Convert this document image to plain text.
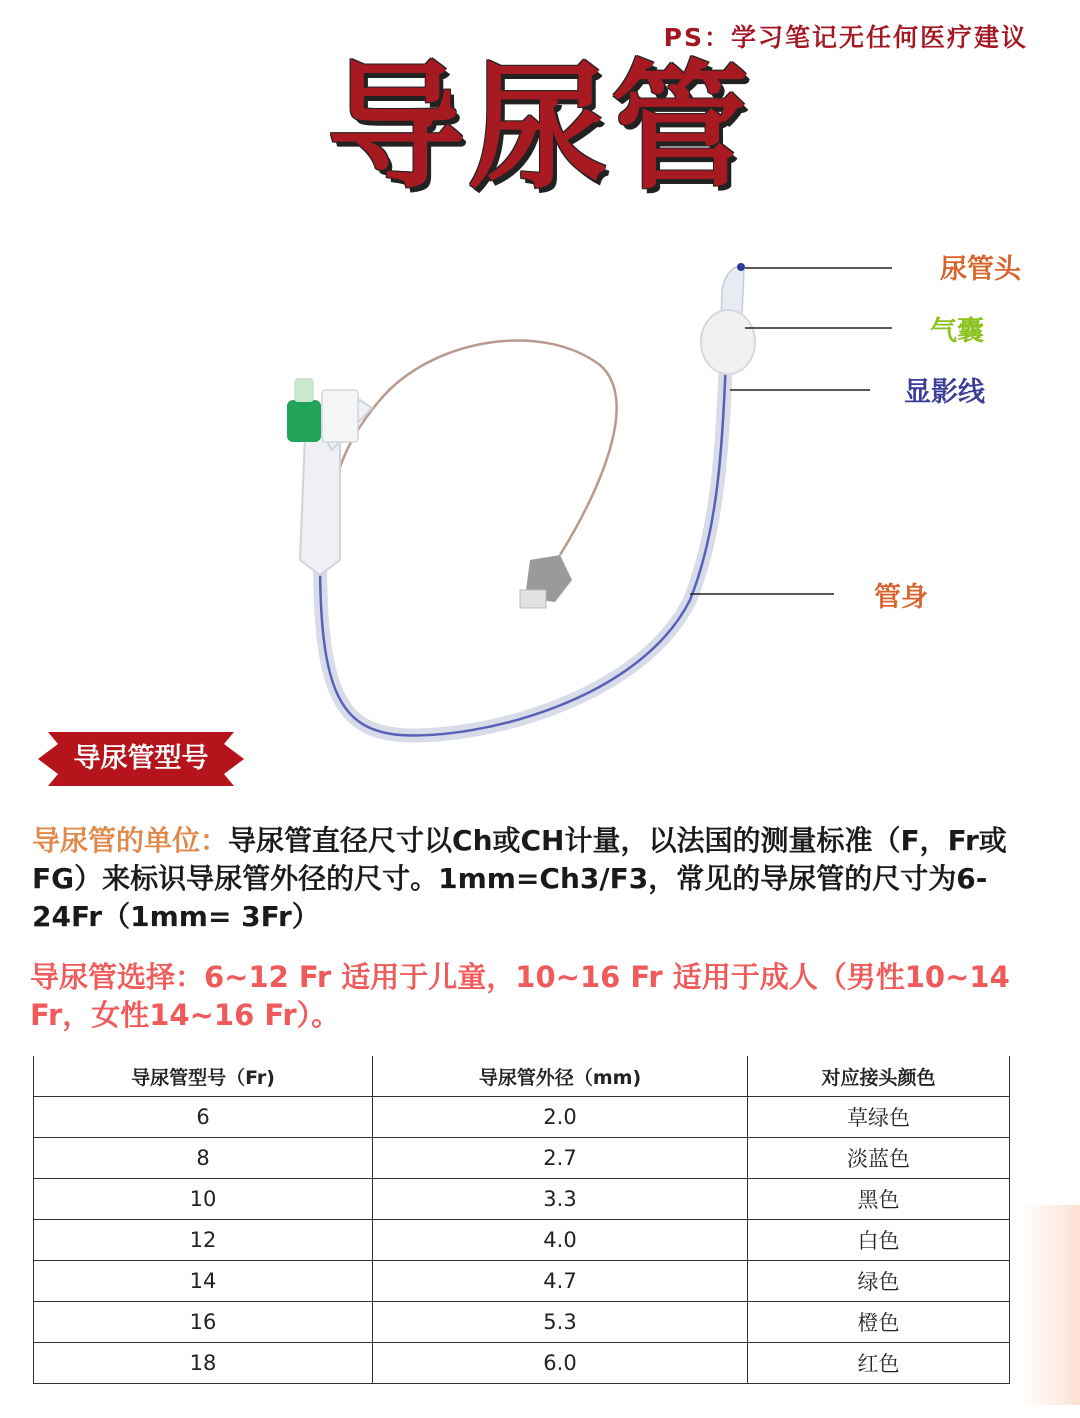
PS：学习笔记无任何医疗建议
导尿管
尿管头
气囊
显影线
管身
导尿管型号
导尿管的单位：导尿管直径尺寸以Ch或CH计量，以法国的测量标准（F，Fr或FG）来标识导尿管外径的尺寸。1mm=Ch3/F3，常见的导尿管的尺寸为6-24Fr（1mm= 3Fr）
导尿管选择：6~12 Fr 适用于儿童，10~16 Fr 适用于成人（男性10~14 Fr，女性14~16 Fr）。
导尿管型号（Fr)	导尿管外径（mm)	对应接头颜色
6	2.0	草绿色
8	2.7	淡蓝色
10	3.3	黑色
12	4.0	白色
14	4.7	绿色
16	5.3	橙色
18	6.0	红色
